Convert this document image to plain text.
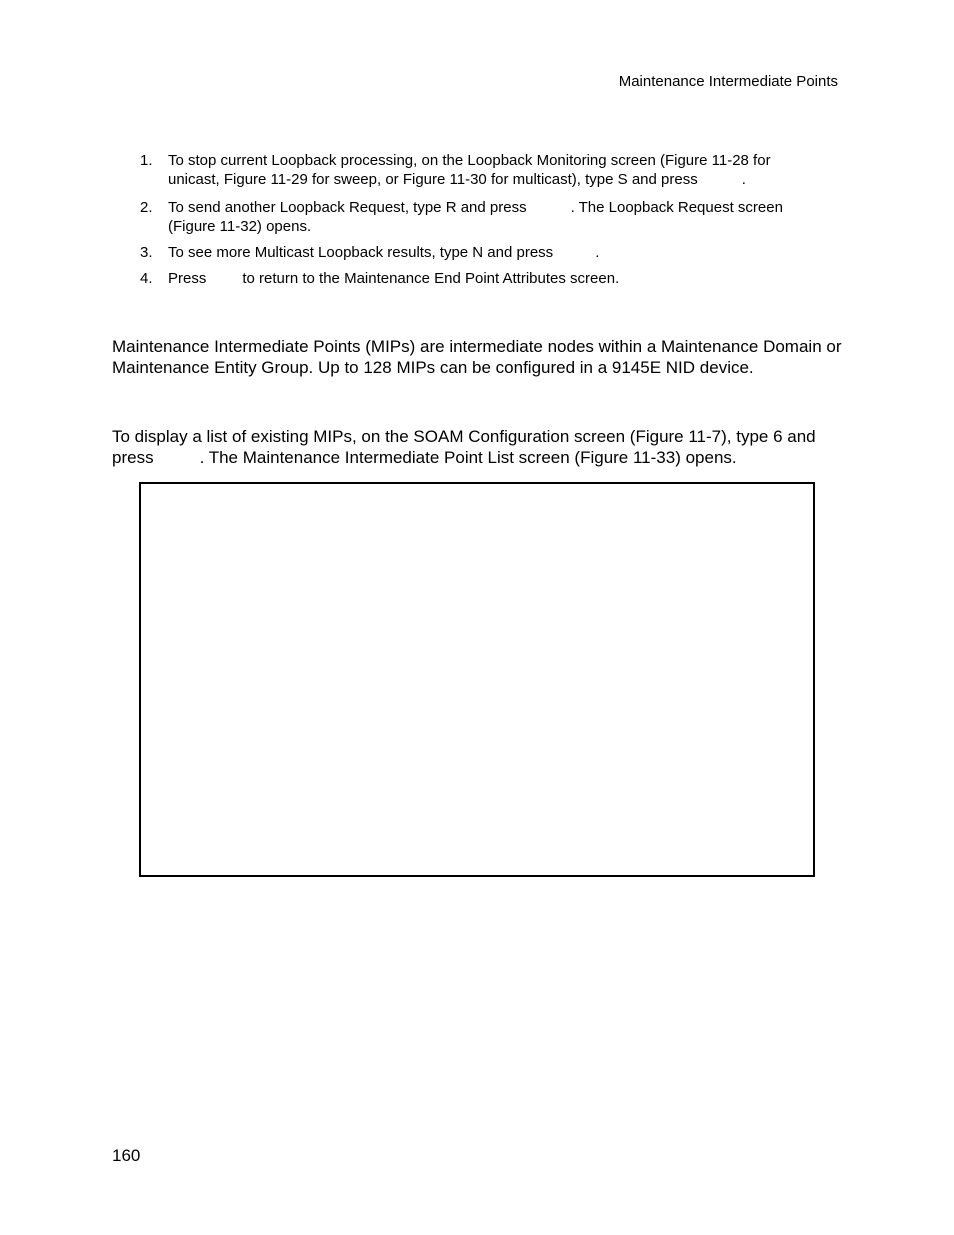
Maintenance Intermediate Points
1. To stop current Loopback processing, on the Loopback Monitoring screen (Figure 11-28 for
unicast, Figure 11-29 for sweep, or Figure 11-30 for multicast), type S and press	.
2. To send another Loopback Request, type R and press	. The Loopback Request screen
(Figure 11-32) opens.
3. To see more Multicast Loopback results, type N and press	.
4. Press to return to the Maintenance End Point Attributes screen.
Maintenance Intermediate Points (MIPs) are intermediate nodes within a Maintenance Domain or
Maintenance Entity Group. Up to 128 MIPs can be configured in a 9145E NID device.
To display a list of existing MIPs, on the SOAM Configuration screen (Figure 11-7), type 6 and
press	. The Maintenance Intermediate Point List screen (Figure 11-33) opens.
160
